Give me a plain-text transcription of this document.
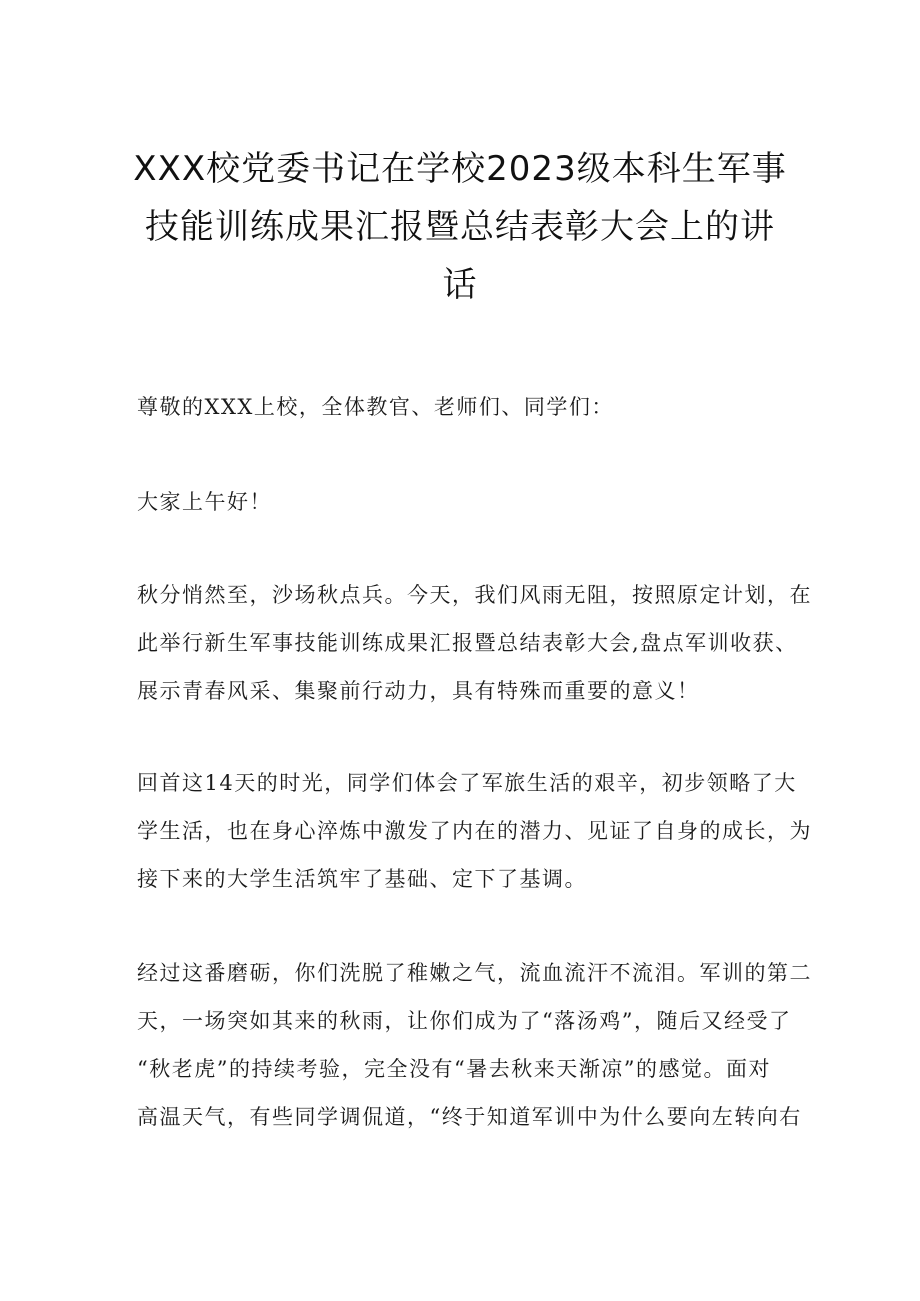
XXX校党委书记在学校2023级本科生军事
技能训练成果汇报暨总结表彰大会上的讲
话

尊敬的XXX上校，全体教官、老师们、同学们：

大家上午好！

秋分悄然至，沙场秋点兵。今天，我们风雨无阻，按照原定计划，在
此举行新生军事技能训练成果汇报暨总结表彰大会,盘点军训收获、
展示青春风采、集聚前行动力，具有特殊而重要的意义！

回首这14天的时光，同学们体会了军旅生活的艰辛，初步领略了大
学生活，也在身心淬炼中激发了内在的潜力、见证了自身的成长，为
接下来的大学生活筑牢了基础、定下了基调。

经过这番磨砺，你们洗脱了稚嫩之气，流血流汗不流泪。军训的第二
天，一场突如其来的秋雨，让你们成为了“落汤鸡”，随后又经受了
“秋老虎”的持续考验，完全没有“暑去秋来天渐凉”的感觉。面对
高温天气，有些同学调侃道，“终于知道军训中为什么要向左转向右
